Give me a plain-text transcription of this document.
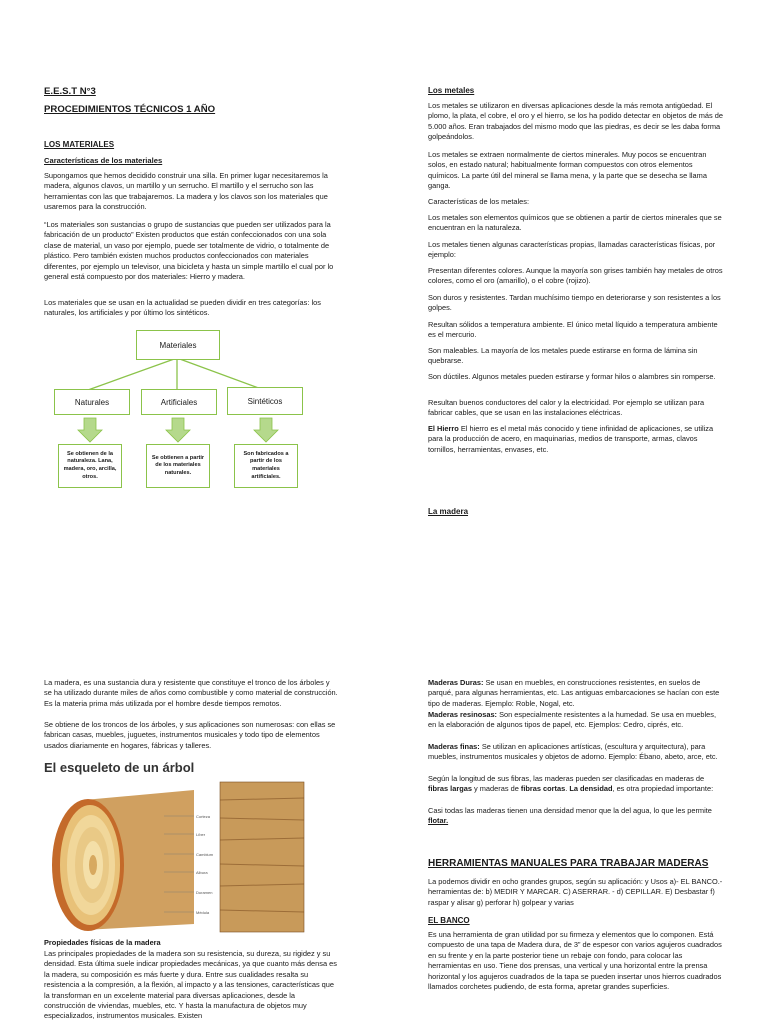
E.E.S.T N°3
PROCEDIMIENTOS TÉCNICOS 1 AÑO
LOS MATERIALES
Características de los materiales

Supongamos que hemos decidido construir una silla. En primer lugar necesitaremos la madera, algunos clavos, un martillo y un serrucho. El martillo y el serrucho son las herramientas con las que trabajaremos. La madera y los clavos son los materiales que usaremos para la construcción.

“Los materiales son sustancias o grupo de sustancias que pueden ser utilizados para la fabricación de un producto” Existen productos que están confeccionados con una sola clase de material, un vaso por ejemplo, puede ser totalmente de vidrio, o totalmente de plástico. Pero también existen muchos productos confeccionados con materiales diferentes, por ejemplo un televisor, una bicicleta y hasta un simple martillo el cual por lo general está compuesto por dos materiales: Hierro y madera.

Los materiales que se usan en la actualidad se pueden dividir en tres categorías: los naturales, los artificiales y por último los sintéticos.

Materiales
Naturales	Artificiales	Sintéticos
Se obtienen de la naturaleza. Lana, madera, oro, arcilla, otros.
Se obtienen a partir de los materiales naturales.
Son fabricados a partir de los materiales artificiales.

La madera, es una sustancia dura y resistente que constituye el tronco de los árboles y se ha utilizado durante miles de años como combustible y como material de construcción. Es la materia prima más utilizada por el hombre desde tiempos remotos.

Se obtiene de los troncos de los árboles, y sus aplicaciones son numerosas: con ellas se fabrican casas, muebles, juguetes, instrumentos musicales y todo tipo de elementos usados diariamente en hogares, fábricas y talleres.

El esqueleto de un árbol
Corteza
Líber
Cambium
Albura
Duramen
Médula
Propiedades físicas de la madera

Las principales propiedades de la madera son su resistencia, su dureza, su rigidez y su densidad. Esta última suele indicar propiedades mecánicas, ya que cuanto más densa es la madera, su composición es más fuerte y dura. Entre sus cualidades resalta su resistencia a la compresión, a la flexión, al impacto y a las tensiones, características que la transforman en un excelente material para diversas aplicaciones, desde la construcción de viviendas, muebles, etc. Y hasta la manufactura de objetos muy especializados, instrumentos musicales. Existen

Los metales

Los metales se utilizaron en diversas aplicaciones desde la más remota antigüedad. El plomo, la plata, el cobre, el oro y el hierro, se los ha podido detectar en objetos de más de 5.000 años. Eran trabajados del mismo modo que las piedras, es decir se les daba forma golpeándolos.

Los metales se extraen normalmente de ciertos minerales. Muy pocos se encuentran solos, en estado natural; habitualmente forman compuestos con otros elementos químicos. La parte útil del mineral se llama mena, y la parte que se desecha se llama ganga.

Características de los metales:

Los metales son elementos químicos que se obtienen a partir de ciertos minerales que se encuentran en la naturaleza.

Los metales tienen algunas características propias, llamadas características físicas, por ejemplo:

Presentan diferentes colores. Aunque la mayoría son grises también hay metales de otros colores, como el oro (amarillo), o el cobre (rojizo).

Son duros y resistentes. Tardan muchísimo tiempo en deteriorarse y son resistentes a los golpes.

Resultan sólidos a temperatura ambiente. El único metal líquido a temperatura ambiente es el mercurio.

Son maleables. La mayoría de los metales puede estirarse en forma de lámina sin quebrarse.

Son dúctiles. Algunos metales pueden estirarse y formar hilos o alambres sin romperse.

Resultan buenos conductores del calor y la electricidad. Por ejemplo se utilizan para fabricar cables, que se usan en las instalaciones eléctricas.

El Hierro El hierro es el metal más conocido y tiene infinidad de aplicaciones, se utiliza para la producción de acero, en maquinarias, medios de transporte, armas, clavos tornillos, herramientas, envases, etc.

La madera

Maderas Duras: Se usan en muebles, en construcciones resistentes, en suelos de parqué, para algunas herramientas, etc. Las antiguas embarcaciones se hacían con este tipo de maderas. Ejemplo: Roble, Nogal, etc.

Maderas resinosas: Son especialmente resistentes a la humedad. Se usa en muebles, en la elaboración de algunos tipos de papel, etc. Ejemplos: Cedro, ciprés, etc.

Maderas finas: Se utilizan en aplicaciones artísticas, (escultura y arquitectura), para muebles, instrumentos musicales y objetos de adorno. Ejemplo: Ébano, abeto, arce, etc.

Según la longitud de sus fibras, las maderas pueden ser clasificadas en maderas de fibras largas y maderas de fibras cortas. La densidad, es otra propiedad importante:

Casi todas las maderas tienen una densidad menor que la del agua, lo que les permite flotar.

HERRAMIENTAS MANUALES PARA TRABAJAR MADERAS

La podemos dividir en ocho grandes grupos, según su aplicación: y Usos a)- EL BANCO.- herramientas de: b) MEDIR Y MARCAR. C) ASERRAR. - d) CEPILLAR. E) Desbastar f) raspar y alisar g) perforar h) golpear y varias

EL BANCO

Es una herramienta de gran utilidad por su firmeza y elementos que lo componen. Está compuesto de una tapa de Madera dura, de 3” de espesor con varios agujeros cuadrados en su frente y en la parte posterior tiene un rebaje con fondo, para colocar las herramientas en uso. Tiene dos prensas, una vertical y una horizontal entre la prensa horizontal y los agujeros cuadrados de la tapa se pueden insertar unos hierros cuadrados llamados corchetes pudiendo, de esta forma, apretar grandes superficies.
